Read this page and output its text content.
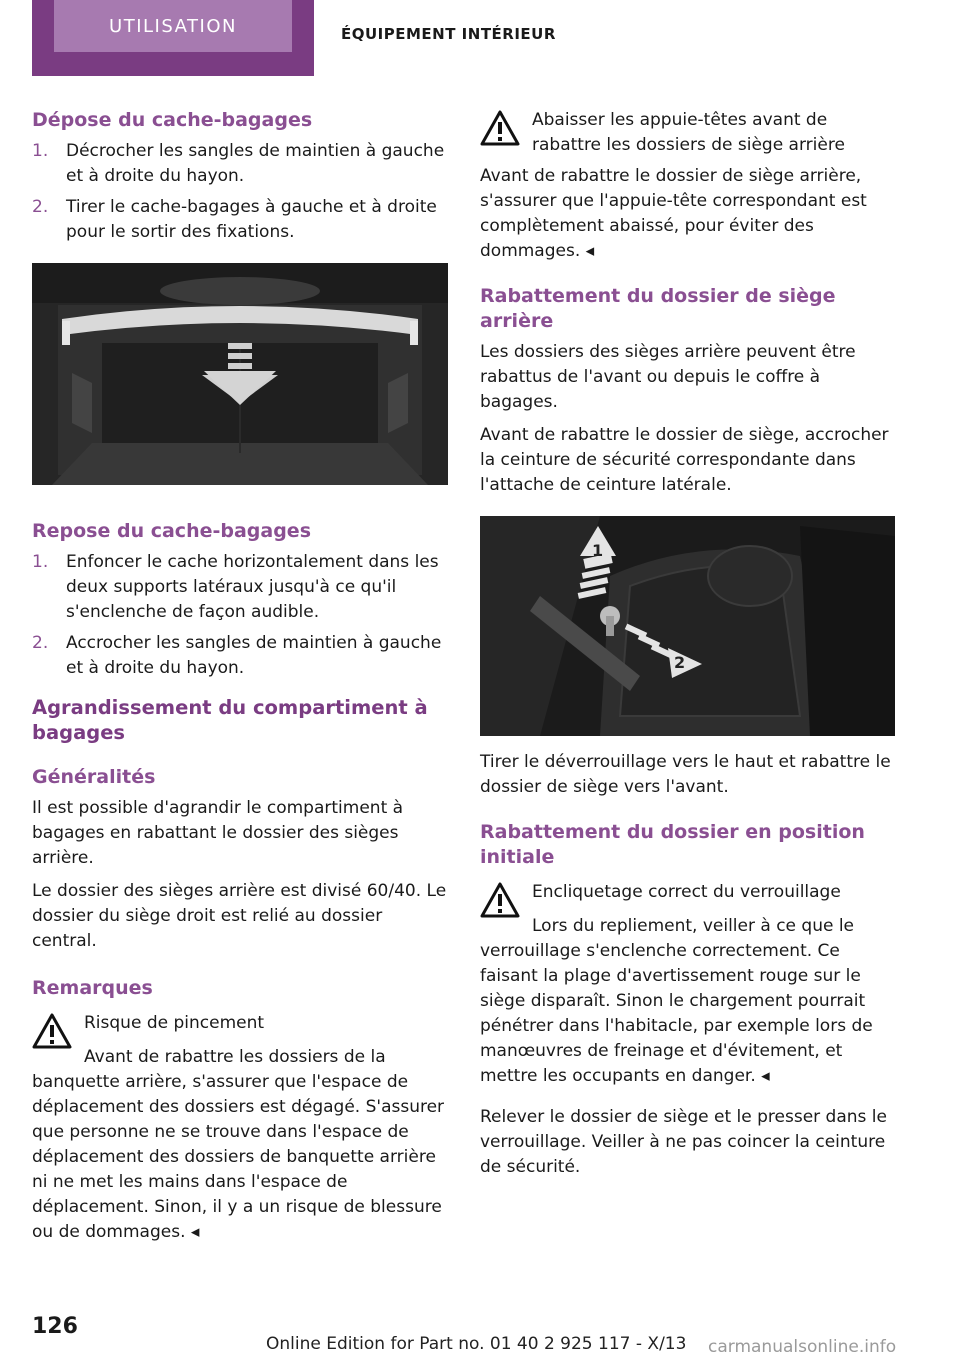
UTILISATION	ÉQUIPEMENT INTÉRIEUR
Dépose du cache-bagages
1.	Décrocher les sangles de maintien à gauche et à droite du hayon.
2.	Tirer le cache-bagages à gauche et à droite pour le sortir des fixations.
Repose du cache-bagages
1.	Enfoncer le cache horizontalement dans les deux supports latéraux jusqu'à ce qu'il s'enclenche de façon audible.
2.	Accrocher les sangles de maintien à gauche et à droite du hayon.
Agrandissement du compartiment à bagages
Généralités

Il est possible d'agrandir le compartiment à bagages en rabattant le dossier des sièges arrière.

Le dossier des sièges arrière est divisé 60/40. Le dossier du siège droit est relié au dossier central.

Remarques
Risque de pincement

Avant de rabattre les dossiers de la banquette arrière, s'assurer que l'espace de déplacement des dossiers est dégagé. S'assurer que personne ne se trouve dans l'espace de déplacement des dossiers de banquette arrière ni ne met les mains dans l'espace de déplacement. Sinon, il y a un risque de blessure ou de dommages. ◂

Abaisser les appuie-têtes avant de rabattre les dossiers de siège arrière

Avant de rabattre le dossier de siège arrière, s'assurer que l'appuie-tête correspondant est complètement abaissé, pour éviter des dommages. ◂

Rabattement du dossier de siège arrière

Les dossiers des sièges arrière peuvent être rabattus de l'avant ou depuis le coffre à bagages.

Avant de rabattre le dossier de siège, accrocher la ceinture de sécurité correspondante dans l'attache de ceinture latérale.

1
2

Tirer le déverrouillage vers le haut et rabattre le dossier de siège vers l'avant.

Rabattement du dossier en position initiale
Encliquetage correct du verrouillage

Lors du repliement, veiller à ce que le verrouillage s'enclenche correctement. Ce faisant la plage d'avertissement rouge sur le siège disparaît. Sinon le chargement pourrait pénétrer dans l'habitacle, par exemple lors de manœuvres de freinage et d'évitement, et mettre les occupants en danger. ◂

Relever le dossier de siège et le presser dans le verrouillage. Veiller à ne pas coincer la ceinture de sécurité.

126
Online Edition for Part no. 01 40 2 925 117 - X/13 carmanualsonline.info
